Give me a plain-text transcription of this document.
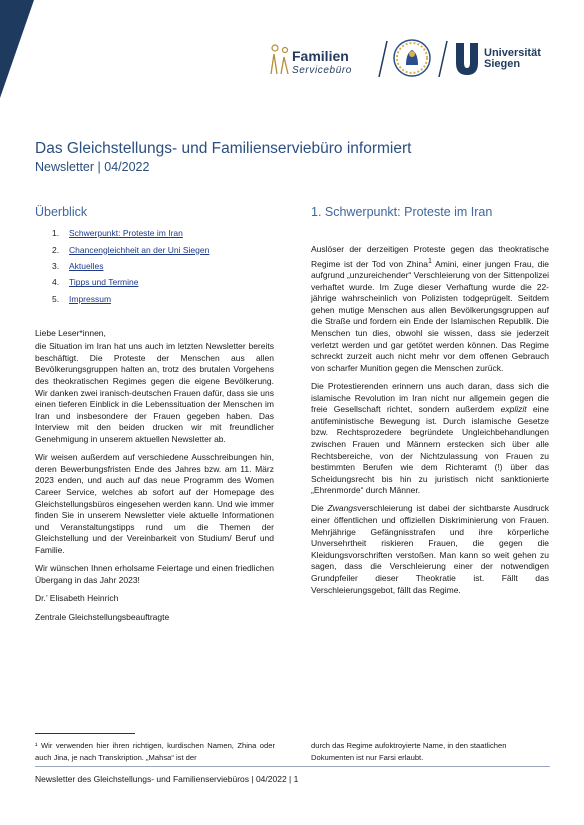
Familien
Servicebüro
Universität
Siegen
Das Gleichstellungs- und Familienserviebüro informiert
Newsletter | 04/2022
Überblick
1.	Schwerpunkt: Proteste im Iran
2.	Chancengleichheit an der Uni Siegen
3.	Aktuelles
4.	Tipps und Termine
5.	Impressum

Liebe Leser*innen,

die Situation im Iran hat uns auch im letzten Newsletter bereits beschäftigt. Die Proteste der Menschen aus allen Bevölkerungsgruppen halten an, trotz des brutalen Vorgehens des theokratischen Regimes gegen die eigene Bevölkerung. Wir danken zwei iranisch-deutschen Frauen dafür, dass sie uns einen tieferen Einblick in die Lebenssituation der Menschen im Iran und insbesondere der Frauen gegeben haben. Das Interview mit den beiden drucken wir mit freundlicher Genehmigung in unserem aktuellen Newsletter ab.

Wir weisen außerdem auf verschiedene Ausschreibungen hin, deren Bewerbungsfristen Ende des Jahres bzw. am 11. März 2023 enden, und auch auf das neue Programm des Women Career Service, welches ab sofort auf der Homepage des Gleichstellungsbüros eingesehen werden kann. Und wie immer finden Sie in unserem Newsletter viele aktuelle Informationen und Veranstaltungstipps rund um die Themen der Gleichstellung und der Vereinbarkeit von Studium/ Beruf und Familie.

Wir wünschen Ihnen erholsame Feiertage und einen friedlichen Übergang in das Jahr 2023!

Dr.’ Elisabeth Heinrich

Zentrale Gleichstellungsbeauftragte

1. Schwerpunkt: Proteste im Iran

Auslöser der derzeitigen Proteste gegen das theokratische Regime ist der Tod von Zhina$^1$ Amini, einer jungen Frau, die aufgrund „unzureichender“ Verschleierung von der Sittenpolizei verhaftet wurde. Im Zuge dieser Verhaftung wurde die 22-jährige wahrscheinlich von Polizisten todgeprügelt. Seitdem gehen mutige Menschen aus allen Bevölkerungsgruppen auf die Straße und fordern ein Ende der Islamischen Republik. Die Menschen tun dies, obwohl sie wissen, dass sie jederzeit verletzt werden und gar getötet werden können. Das Regime schreckt zurzeit auch nicht mehr vor dem offenen Gebrauch von scharfer Munition gegen die Menschen zurück.

Die Protestierenden erinnern uns auch daran, dass sich die islamische Revolution im Iran nicht nur allgemein gegen die freie Gesellschaft richtet, sondern außerdem explizit eine antifeministische Bewegung ist. Durch islamische Gesetze bzw. Rechtsprozedere begründete Ungleichbehandlungen zwischen Frauen und Männern erstecken sich über alle Rechtsbereiche, von der Nichtzulassung von Frauen zu bestimmten Berufen wie dem Richteramt (!) über das Scheidungsrecht bis hin zu juristisch nicht sanktionierte „Ehrenmorde“ durch Männer.

Die Zwangsverschleierung ist dabei der sichtbarste Ausdruck einer öffentlichen und offiziellen Diskriminierung von Frauen. Mehrjährige Gefängnisstrafen und ihre körperliche Unversehrtheit riskieren Frauen, die gegen die Kleidungsvorschriften verstoßen. Man kann so weit gehen zu sagen, dass die Verschleierung einer der notwendigen Grundpfeiler dieser Theokratie ist. Fällt das Verschleierungsgebot, fällt das Regime.

¹ Wir verwenden hier ihren richtigen, kurdischen Namen, Zhina oder auch Jina, je nach Transkription. „Mahsa“ ist der
durch das Regime aufoktroyierte Name, in den staatlichen Dokumenten ist nur Farsi erlaubt.
Newsletter des Gleichstellungs- und Familienserviebüros | 04/2022 | 1
